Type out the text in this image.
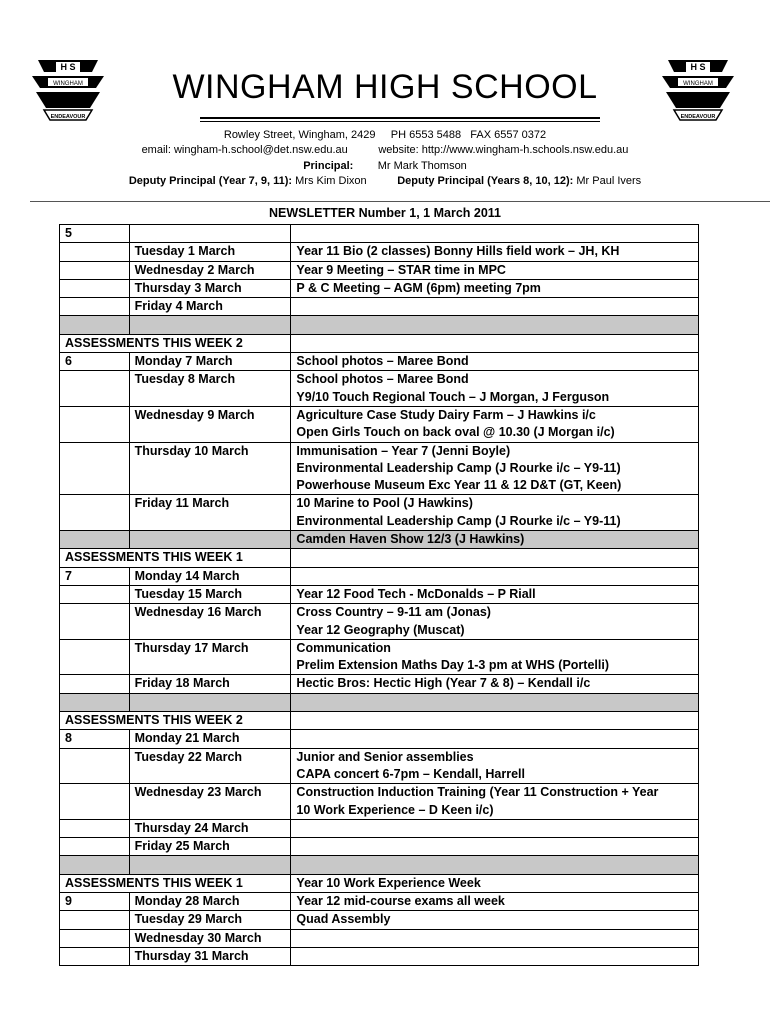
H S
WINGHAM
ENDEAVOUR
H S
WINGHAM
ENDEAVOUR
WINGHAM HIGH SCHOOL
Rowley Street, Wingham, 2429     PH 6553 5488   FAX 6557 0372
email: wingham-h.school@det.nsw.edu.au          website: http://www.wingham-h.schools.nsw.edu.au
Principal: Mr Mark Thomson
Deputy Principal (Year 7, 9, 11): Mrs Kim Dixon	Deputy Principal (Years 8, 10, 12): Mr Paul Ivers
NEWSLETTER Number 1, 1 March 2011
5		
	Tuesday 1 March	Year 11 Bio (2 classes) Bonny Hills field work – JH, KH

	Wednesday 2 March	Year 9 Meeting – STAR time in MPC

	Thursday 3 March	P & C Meeting – AGM (6pm) meeting 7pm

	Friday 4 March	

ASSESSMENTS THIS WEEK 2		
6	Monday 7 March	School photos – Maree Bond

	Tuesday 8 March	School photos – Maree Bond
Y9/10 Touch Regional Touch – J Morgan, J Ferguson

	Wednesday 9 March	Agriculture Case Study Dairy Farm – J Hawkins i/c
Open Girls Touch on back oval @ 10.30 (J Morgan i/c)

	Thursday 10 March	Immunisation – Year 7 (Jenni Boyle)
Environmental Leadership Camp (J Rourke i/c – Y9-11)
Powerhouse Museum Exc Year 11 & 12 D&T (GT, Keen)

	Friday 11 March	10 Marine to Pool (J Hawkins)
Environmental Leadership Camp (J Rourke i/c – Y9-11)

		Camden Haven Show 12/3 (J Hawkins)

ASSESSMENTS THIS WEEK 1		
7	Monday 14 March	
	Tuesday 15 March	Year 12 Food Tech - McDonalds – P Riall

	Wednesday 16 March	Cross Country – 9-11 am (Jonas)
Year 12 Geography (Muscat)

	Thursday 17 March	Communication
Prelim Extension Maths Day 1-3 pm at WHS (Portelli)

	Friday 18 March	Hectic Bros: Hectic High (Year 7 & 8) – Kendall i/c

ASSESSMENTS THIS WEEK 2		
8	Monday 21 March	
	Tuesday 22 March	Junior and Senior assemblies
CAPA concert 6-7pm – Kendall, Harrell

	Wednesday 23 March	Construction Induction Training (Year 11 Construction + Year
10 Work Experience – D Keen i/c)

	Thursday 24 March	
	Friday 25 March	

ASSESSMENTS THIS WEEK 1		Year 10 Work Experience Week

9	Monday 28 March	Year 12 mid-course exams all week

	Tuesday 29 March	Quad Assembly

	Wednesday 30 March	
	Thursday 31 March	
